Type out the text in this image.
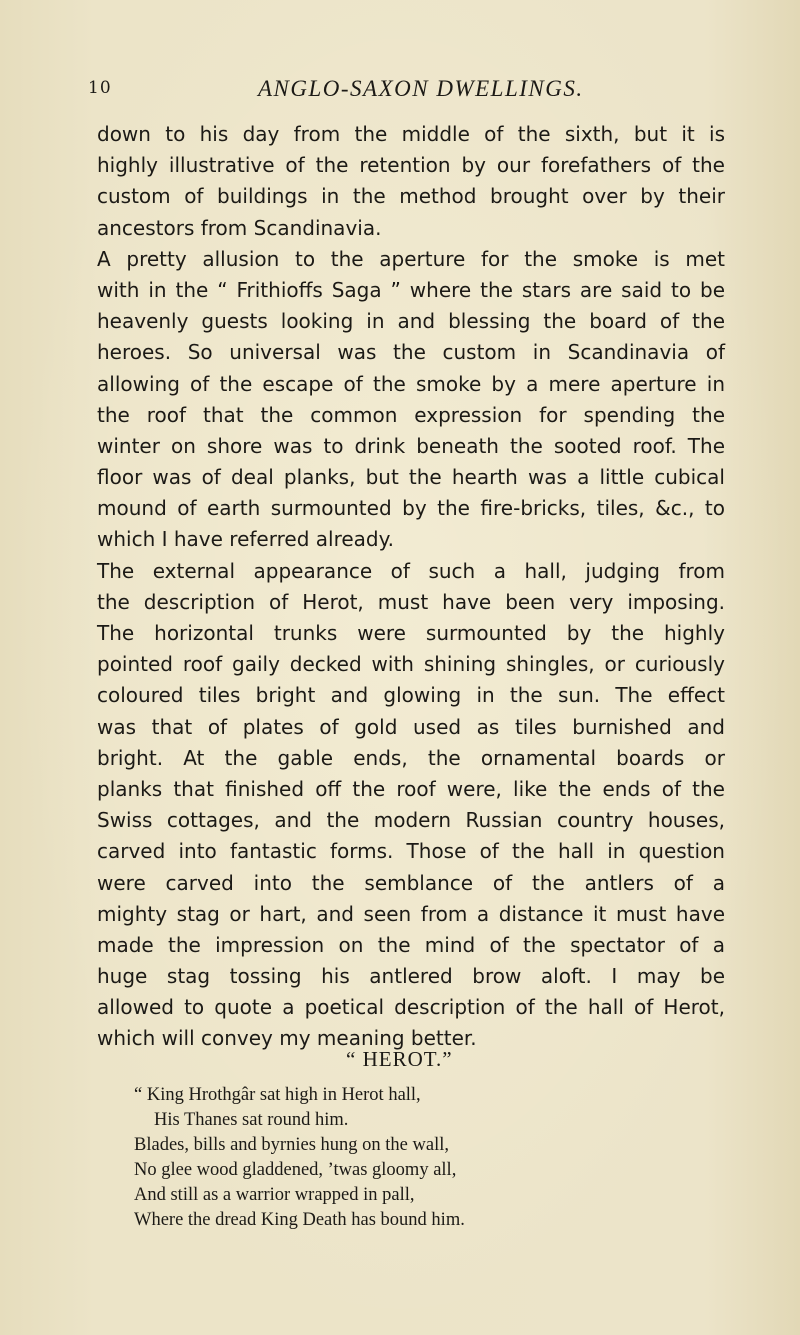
10	ANGLO-SAXON DWELLINGS.
down to his day from the middle of the sixth, but it is
highly illustrative of the retention by our forefathers of the
custom of buildings in the method brought over by their
ancestors from Scandinavia.
A pretty allusion to the aperture for the smoke is met
with in the “ Frithioffs Saga ” where the stars are said to be
heavenly guests looking in and blessing the board of the
heroes. So universal was the custom in Scandinavia of
allowing of the escape of the smoke by a mere aperture in
the roof that the common expression for spending the
winter on shore was to drink beneath the sooted roof. The
floor was of deal planks, but the hearth was a little cubical
mound of earth surmounted by the fire-bricks, tiles, &c., to
which I have referred already.
The external appearance of such a hall, judging from
the description of Herot, must have been very imposing.
The horizontal trunks were surmounted by the highly
pointed roof gaily decked with shining shingles, or curiously
coloured tiles bright and glowing in the sun. The effect
was that of plates of gold used as tiles burnished and
bright. At the gable ends, the ornamental boards or
planks that finished off the roof were, like the ends of the
Swiss cottages, and the modern Russian country houses,
carved into fantastic forms. Those of the hall in question
were carved into the semblance of the antlers of a
mighty stag or hart, and seen from a distance it must have
made the impression on the mind of the spectator of a
huge stag tossing his antlered brow aloft. I may be
allowed to quote a poetical description of the hall of Herot,
which will convey my meaning better.
“ HEROT.”
“ King Hrothgâr sat high in Herot hall,
His Thanes sat round him.
Blades, bills and byrnies hung on the wall,
No glee wood gladdened, ’twas gloomy all,
And still as a warrior wrapped in pall,
Where the dread King Death has bound him.
